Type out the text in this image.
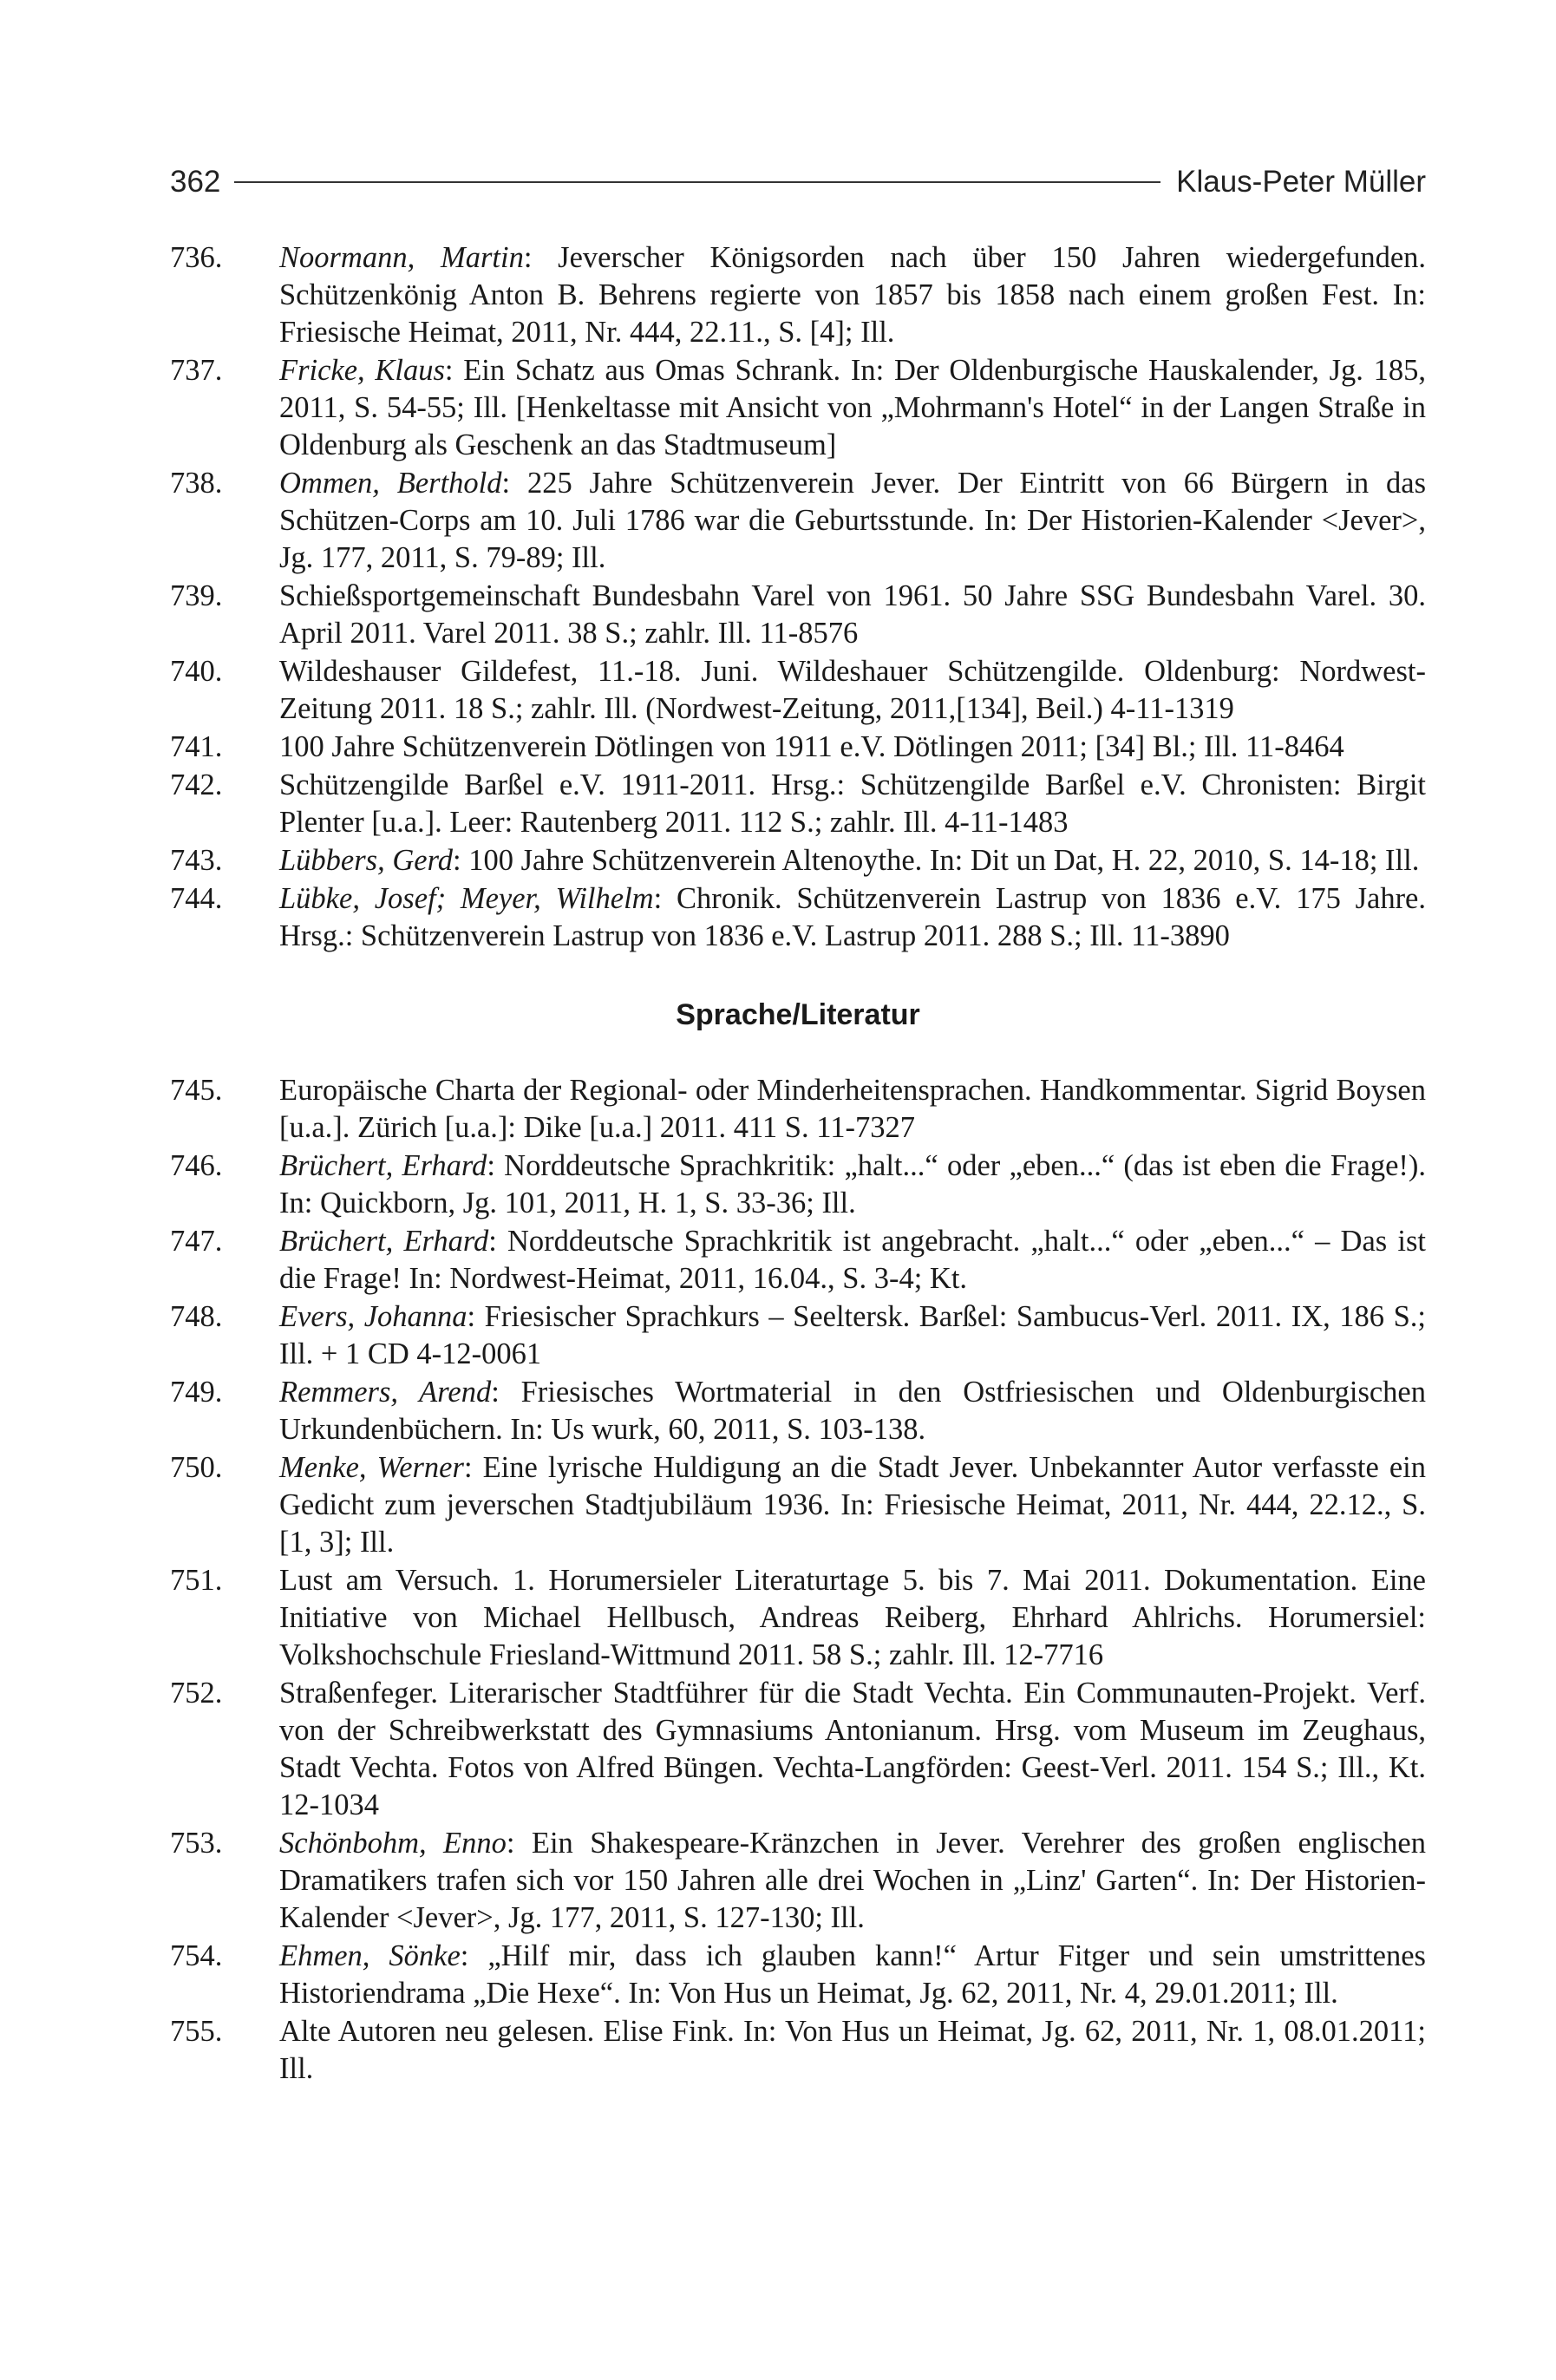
362	Klaus-Peter Müller
736.	Noormann, Martin: Jeverscher Königsorden nach über 150 Jahren wiedergefunden. Schützenkönig Anton B. Behrens regierte von 1857 bis 1858 nach einem großen Fest. In: Friesische Heimat, 2011, Nr. 444, 22.11., S. [4]; Ill.
737.	Fricke, Klaus: Ein Schatz aus Omas Schrank. In: Der Oldenburgische Hauskalender, Jg. 185, 2011, S. 54-55; Ill. [Henkeltasse mit Ansicht von „Mohrmann's Hotel“ in der Langen Straße in Oldenburg als Geschenk an das Stadtmuseum]
738.	Ommen, Berthold: 225 Jahre Schützenverein Jever. Der Eintritt von 66 Bürgern in das Schützen-Corps am 10. Juli 1786 war die Geburtsstunde. In: Der Historien-Kalender <Jever>, Jg. 177, 2011, S. 79-89; Ill.
739.	Schießsportgemeinschaft Bundesbahn Varel von 1961. 50 Jahre SSG Bundesbahn Varel. 30. April 2011. Varel 2011. 38 S.; zahlr. Ill. 11-8576
740.	Wildeshauser Gildefest, 11.-18. Juni. Wildeshauer Schützengilde. Oldenburg: Nordwest-Zeitung 2011. 18 S.; zahlr. Ill. (Nordwest-Zeitung, 2011,[134], Beil.) 4-11-1319
741.	100 Jahre Schützenverein Dötlingen von 1911 e.V. Dötlingen 2011; [34] Bl.; Ill. 11-8464
742.	Schützengilde Barßel e.V. 1911-2011. Hrsg.: Schützengilde Barßel e.V. Chronisten: Birgit Plenter [u.a.]. Leer: Rautenberg 2011. 112 S.; zahlr. Ill. 4-11-1483
743.	Lübbers, Gerd: 100 Jahre Schützenverein Altenoythe. In: Dit un Dat, H. 22, 2010, S. 14-18; Ill.
744.	Lübke, Josef; Meyer, Wilhelm: Chronik. Schützenverein Lastrup von 1836 e.V. 175 Jahre. Hrsg.: Schützenverein Lastrup von 1836 e.V. Lastrup 2011. 288 S.; Ill. 11-3890
Sprache/Literatur
745.	Europäische Charta der Regional- oder Minderheitensprachen. Handkommentar. Sigrid Boysen [u.a.]. Zürich [u.a.]: Dike [u.a.] 2011. 411 S. 11-7327
746.	Brüchert, Erhard: Norddeutsche Sprachkritik: „halt...“ oder „eben...“ (das ist eben die Frage!). In: Quickborn, Jg. 101, 2011, H. 1, S. 33-36; Ill.
747.	Brüchert, Erhard: Norddeutsche Sprachkritik ist angebracht. „halt...“ oder „eben...“ – Das ist die Frage! In: Nordwest-Heimat, 2011, 16.04., S. 3-4; Kt.
748.	Evers, Johanna: Friesischer Sprachkurs – Seeltersk. Barßel: Sambucus-Verl. 2011. IX, 186 S.; Ill. + 1 CD 4-12-0061
749.	Remmers, Arend: Friesisches Wortmaterial in den Ostfriesischen und Oldenburgischen Urkundenbüchern. In: Us wurk, 60, 2011, S. 103-138.
750.	Menke, Werner: Eine lyrische Huldigung an die Stadt Jever. Unbekannter Autor verfasste ein Gedicht zum jeverschen Stadtjubiläum 1936. In: Friesische Heimat, 2011, Nr. 444, 22.12., S. [1, 3]; Ill.
751.	Lust am Versuch. 1. Horumersieler Literaturtage 5. bis 7. Mai 2011. Dokumentation. Eine Initiative von Michael Hellbusch, Andreas Reiberg, Ehrhard Ahlrichs. Horumersiel: Volkshochschule Friesland-Wittmund 2011. 58 S.; zahlr. Ill. 12-7716
752.	Straßenfeger. Literarischer Stadtführer für die Stadt Vechta. Ein Communauten-Projekt. Verf. von der Schreibwerkstatt des Gymnasiums Antonianum. Hrsg. vom Museum im Zeughaus, Stadt Vechta. Fotos von Alfred Büngen. Vechta-Langförden: Geest-Verl. 2011. 154 S.; Ill., Kt. 12-1034
753.	Schönbohm, Enno: Ein Shakespeare-Kränzchen in Jever. Verehrer des großen englischen Dramatikers trafen sich vor 150 Jahren alle drei Wochen in „Linz' Garten“. In: Der Historien-Kalender <Jever>, Jg. 177, 2011, S. 127-130; Ill.
754.	Ehmen, Sönke: „Hilf mir, dass ich glauben kann!“ Artur Fitger und sein umstrittenes Historiendrama „Die Hexe“. In: Von Hus un Heimat, Jg. 62, 2011, Nr. 4, 29.01.2011; Ill.
755.	Alte Autoren neu gelesen. Elise Fink. In: Von Hus un Heimat, Jg. 62, 2011, Nr. 1, 08.01.2011; Ill.
